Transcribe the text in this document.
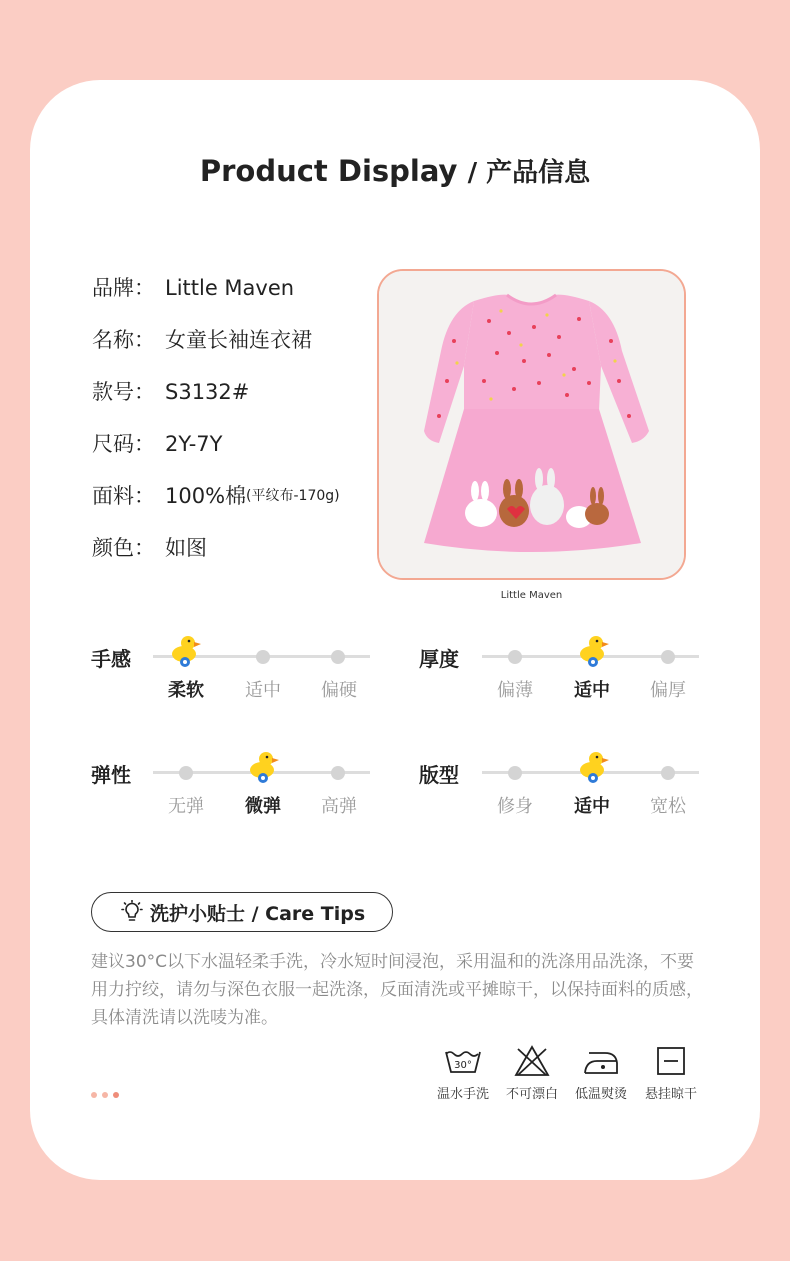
Product Display / 产品信息
品牌： Little Maven
名称： 女童长袖连衣裙
款号： S3132#
尺码： 2Y-7Y
面料： 100%棉 (平纹布-170g)
颜色： 如图
Little Maven
手感
柔软	适中	偏硬
厚度
偏薄	适中	偏厚
弹性
无弹	微弹	高弹
版型
修身	适中	宽松
洗护小贴士 / Care Tips
建议30°C以下水温轻柔手洗，冷水短时间浸泡，采用温和的洗涤用品洗涤，不要用力拧绞，请勿与深色衣服一起洗涤，反面清洗或平摊晾干，以保持面料的质感，具体清洗请以洗唛为准。
30°
温水手洗	不可漂白	低温熨烫	悬挂晾干
